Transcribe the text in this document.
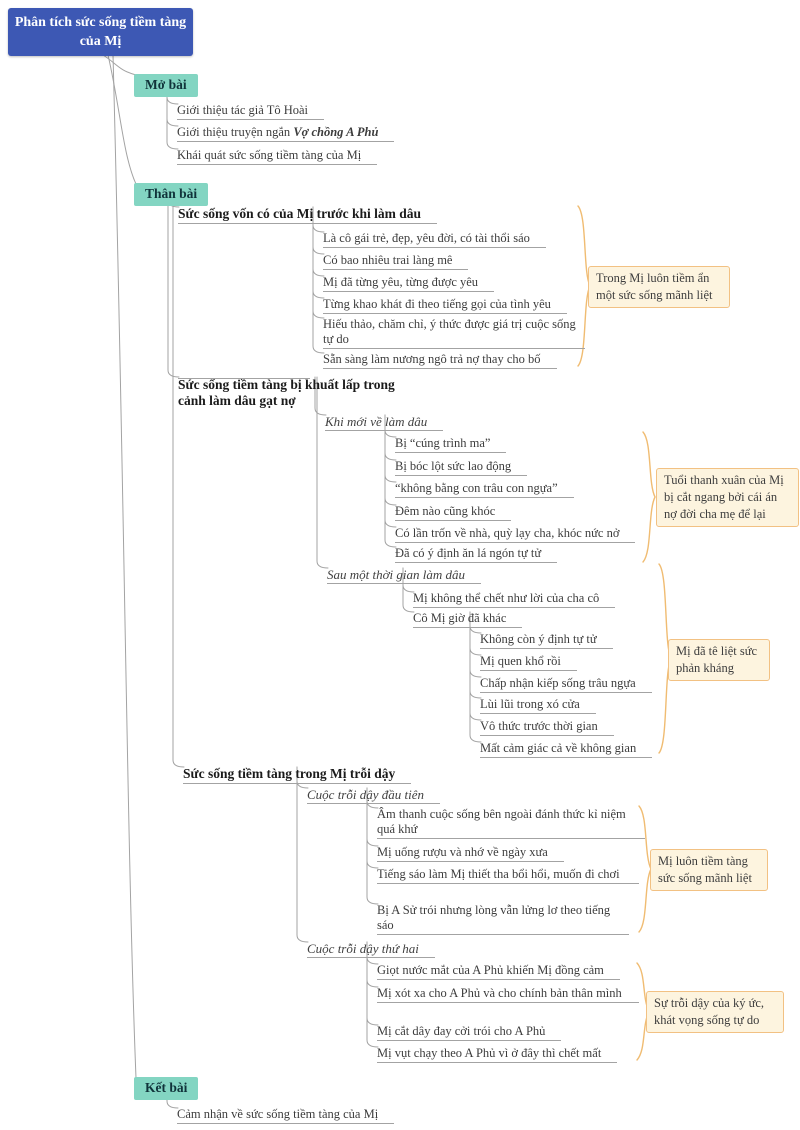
Phân tích sức sống tiềm tàng của Mị
Mở bài
Giới thiệu tác giả Tô Hoài
Giới thiệu truyện ngắn Vợ chồng A Phủ
Khái quát sức sống tiềm tàng của Mị
Thân bài
Sức sống vốn có của Mị trước khi làm dâu
Là cô gái trẻ, đẹp, yêu đời, có tài thổi sáo
Có bao nhiêu trai làng mê
Mị đã từng yêu, từng được yêu
Từng khao khát đi theo tiếng gọi của tình yêu
Hiếu thảo, chăm chỉ, ý thức được giá trị cuộc sống tự do
Sẵn sàng làm nương ngô trả nợ thay cho bố
Sức sống tiềm tàng bị khuất lấp trong cảnh làm dâu gạt nợ
Khi mới về làm dâu
Bị “cúng trình ma”
Bị bóc lột sức lao động
“không bằng con trâu con ngựa”
Đêm nào cũng khóc
Có lần trốn về nhà, quỳ lạy cha, khóc nức nở
Đã có ý định ăn lá ngón tự tử
Sau một thời gian làm dâu
Mị không thể chết như lời của cha cô
Cô Mị giờ đã khác
Không còn ý định tự tử
Mị quen khổ rồi
Chấp nhận kiếp sống trâu ngựa
Lùi lũi trong xó cửa
Vô thức trước thời gian
Mất cảm giác cả về không gian
Sức sống tiềm tàng trong Mị trỗi dậy
Cuộc trỗi dậy đầu tiên
Âm thanh cuộc sống bên ngoài đánh thức kỉ niệm quá khứ
Mị uống rượu và nhớ về ngày xưa
Tiếng sáo làm Mị thiết tha bổi hổi, muốn đi chơi
Bị A Sử trói nhưng lòng vẫn lửng lơ theo tiếng sáo
Cuộc trỗi dậy thứ hai
Giọt nước mắt của A Phủ khiến Mị đồng cảm
Mị xót xa cho A Phủ và cho chính bản thân mình
Mị cắt dây đay cởi trói cho A Phủ
Mị vụt chạy theo A Phủ vì ở đây thì chết mất
Kết bài
Cảm nhận về sức sống tiềm tàng của Mị
Trong Mị luôn tiềm ẩn một sức sống mãnh liệt
Tuổi thanh xuân của Mị bị cắt ngang bởi cái án nợ đời cha mẹ để lại
Mị đã tê liệt sức phản kháng
Mị luôn tiềm tàng sức sống mãnh liệt
Sự trỗi dậy của ký ức, khát vọng sống tự do
